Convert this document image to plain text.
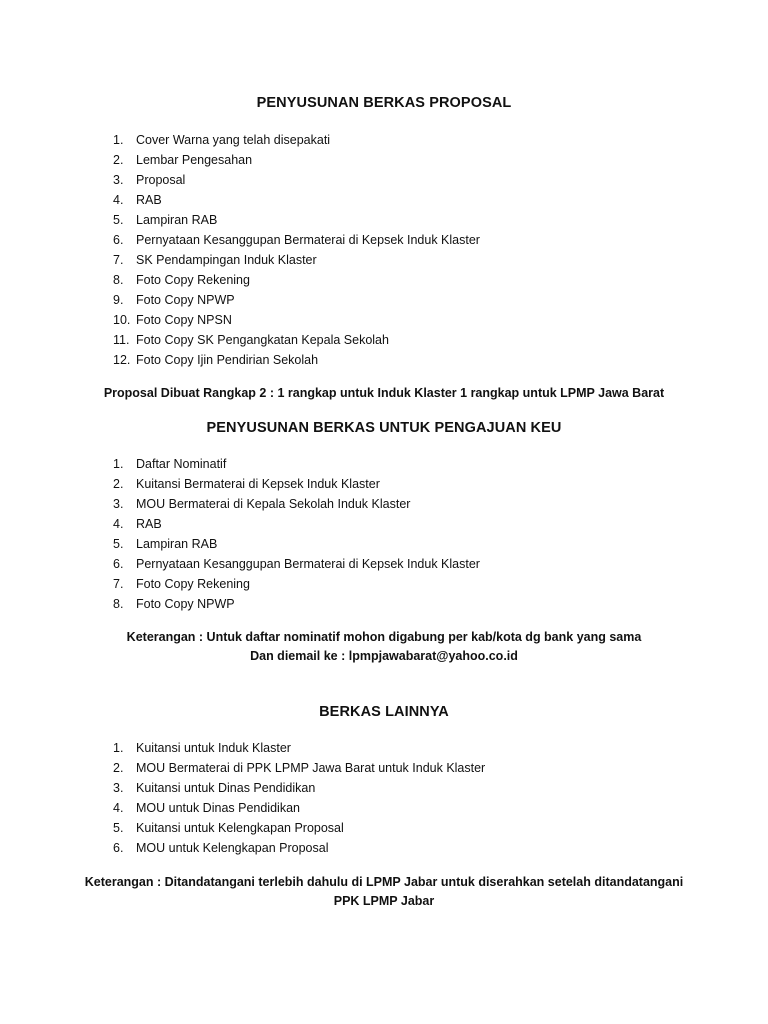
PENYUSUNAN BERKAS PROPOSAL
1. Cover Warna yang telah disepakati
2. Lembar Pengesahan
3. Proposal
4. RAB
5. Lampiran RAB
6. Pernyataan Kesanggupan Bermaterai di Kepsek Induk Klaster
7. SK Pendampingan Induk Klaster
8. Foto Copy Rekening
9. Foto Copy NPWP
10. Foto Copy NPSN
11. Foto Copy SK Pengangkatan Kepala Sekolah
12. Foto Copy Ijin Pendirian Sekolah
Proposal Dibuat Rangkap 2 : 1 rangkap untuk Induk Klaster 1 rangkap untuk LPMP Jawa Barat
PENYUSUNAN BERKAS UNTUK PENGAJUAN KEU
1. Daftar Nominatif
2. Kuitansi Bermaterai di Kepsek Induk Klaster
3. MOU Bermaterai di Kepala Sekolah Induk Klaster
4. RAB
5. Lampiran RAB
6. Pernyataan Kesanggupan Bermaterai di Kepsek Induk Klaster
7. Foto Copy Rekening
8. Foto Copy NPWP
Keterangan : Untuk daftar nominatif mohon digabung per kab/kota dg bank yang sama
Dan diemail ke : lpmpjawabarat@yahoo.co.id
BERKAS LAINNYA
1. Kuitansi untuk Induk Klaster
2. MOU Bermaterai di PPK LPMP Jawa Barat untuk Induk Klaster
3. Kuitansi untuk Dinas Pendidikan
4. MOU untuk Dinas Pendidikan
5. Kuitansi untuk Kelengkapan Proposal
6. MOU untuk Kelengkapan Proposal
Keterangan : Ditandatangani terlebih dahulu di LPMP Jabar untuk diserahkan setelah ditandatangani
PPK LPMP Jabar
